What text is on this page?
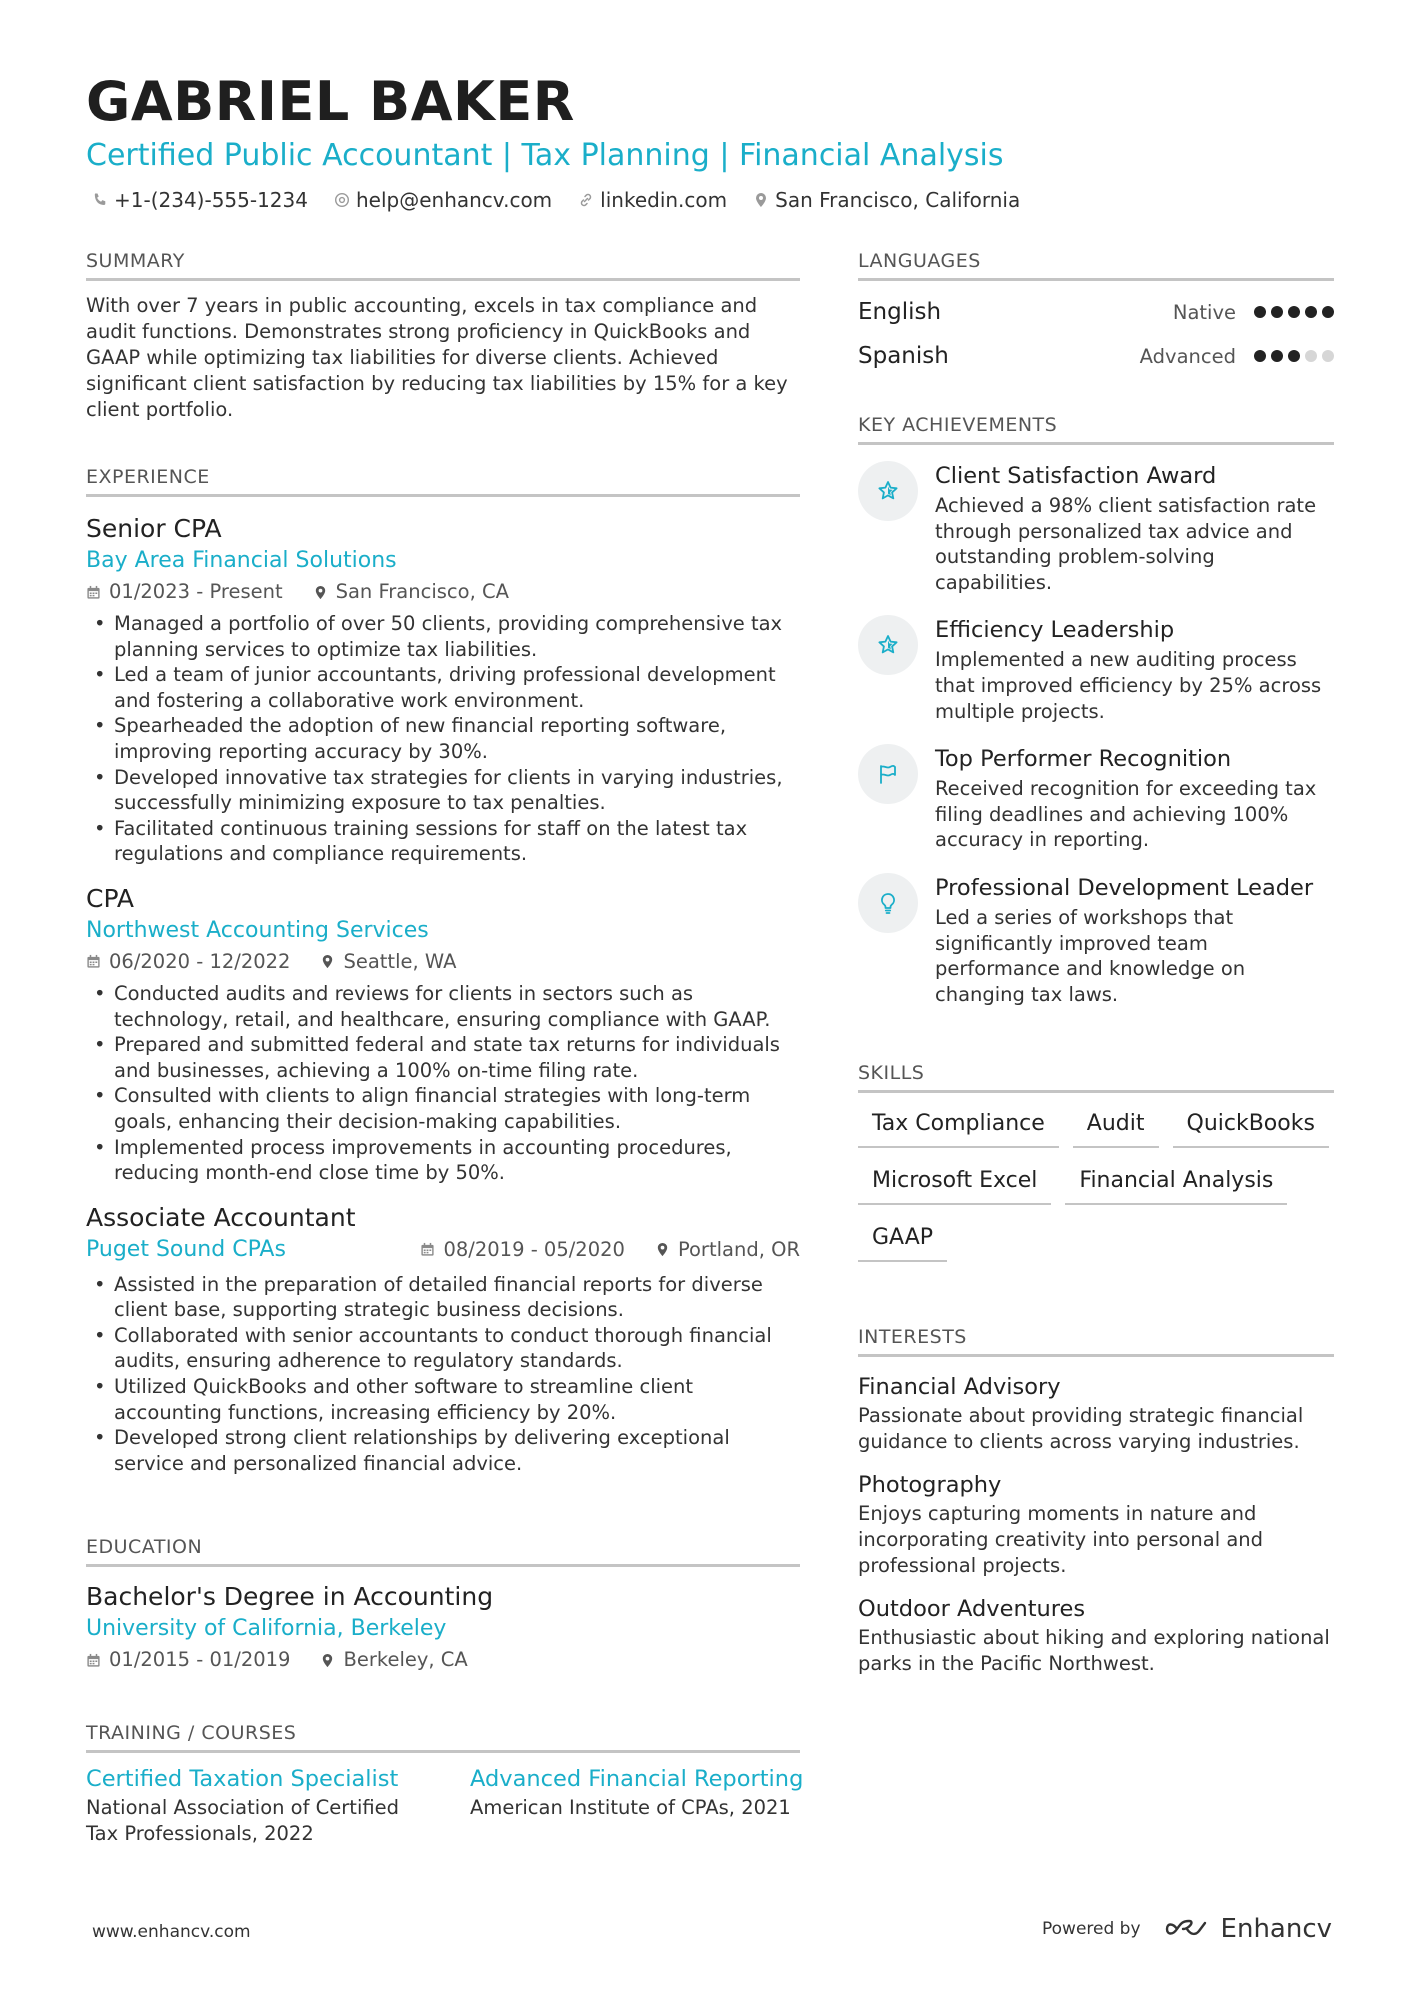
GABRIEL BAKER
Certified Public Accountant | Tax Planning | Financial Analysis
+1-(234)-555-1234 help@enhancv.com linkedin.com San Francisco, California
SUMMARY

With over 7 years in public accounting, excels in tax compliance and audit functions. Demonstrates strong proficiency in QuickBooks and GAAP while optimizing tax liabilities for diverse clients. Achieved significant client satisfaction by reducing tax liabilities by 15% for a key client portfolio.

EXPERIENCE
Senior CPA
Bay Area Financial Solutions
01/2023 - Present	San Francisco, CA
• Managed a portfolio of over 50 clients, providing comprehensive tax planning services to optimize tax liabilities.
• Led a team of junior accountants, driving professional development and fostering a collaborative work environment.
• Spearheaded the adoption of new financial reporting software, improving reporting accuracy by 30%.
• Developed innovative tax strategies for clients in varying industries, successfully minimizing exposure to tax penalties.
• Facilitated continuous training sessions for staff on the latest tax regulations and compliance requirements.
CPA
Northwest Accounting Services
06/2020 - 12/2022	Seattle, WA
• Conducted audits and reviews for clients in sectors such as technology, retail, and healthcare, ensuring compliance with GAAP.
• Prepared and submitted federal and state tax returns for individuals and businesses, achieving a 100% on-time filing rate.
• Consulted with clients to align financial strategies with long-term goals, enhancing their decision-making capabilities.
• Implemented process improvements in accounting procedures, reducing month-end close time by 50%.
Associate Accountant
Puget Sound CPAs	08/2019 - 05/2020	Portland, OR
• Assisted in the preparation of detailed financial reports for diverse client base, supporting strategic business decisions.
• Collaborated with senior accountants to conduct thorough financial audits, ensuring adherence to regulatory standards.
• Utilized QuickBooks and other software to streamline client accounting functions, increasing efficiency by 20%.
• Developed strong client relationships by delivering exceptional service and personalized financial advice.
EDUCATION
Bachelor's Degree in Accounting
University of California, Berkeley
01/2015 - 01/2019	Berkeley, CA
TRAINING / COURSES
Certified Taxation Specialist

National Association of Certified Tax Professionals, 2022

Advanced Financial Reporting

American Institute of CPAs, 2021

LANGUAGES
English	Native
Spanish	Advanced
KEY ACHIEVEMENTS
Client Satisfaction Award
Achieved a 98% client satisfaction rate through personalized tax advice and outstanding problem-solving capabilities.
Efficiency Leadership
Implemented a new auditing process that improved efficiency by 25% across multiple projects.
Top Performer Recognition
Received recognition for exceeding tax filing deadlines and achieving 100% accuracy in reporting.
Professional Development Leader
Led a series of workshops that significantly improved team performance and knowledge on changing tax laws.
SKILLS
Tax Compliance	Audit	QuickBooks
Microsoft Excel	Financial Analysis
GAAP
INTERESTS
Financial Advisory

Passionate about providing strategic financial guidance to clients across varying industries.

Photography

Enjoys capturing moments in nature and incorporating creativity into personal and professional projects.

Outdoor Adventures

Enthusiastic about hiking and exploring national parks in the Pacific Northwest.

www.enhancv.com	Powered by	Enhancv
